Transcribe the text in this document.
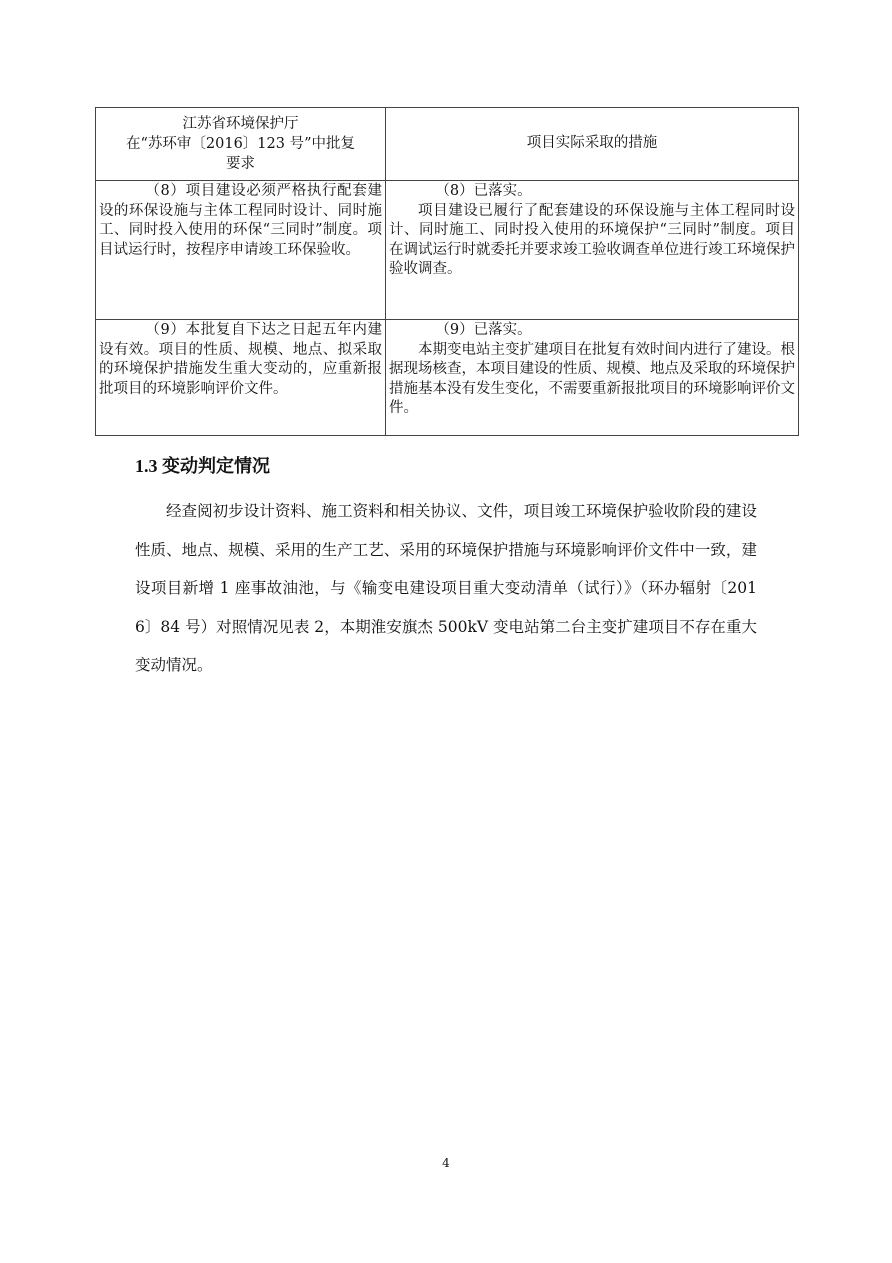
江苏省环境保护厅
在“苏环审〔2016〕123 号”中批复
要求	项目实际采取的措施

（8）项目建设必须严格执行配套建设的环保设施与主体工程同时设计、同时施工、同时投入使用的环保“三同时”制度。项目试运行时，按程序申请竣工环保验收。	（8）已落实。

项目建设已履行了配套建设的环保设施与主体工程同时设计、同时施工、同时投入使用的环境保护“三同时”制度。项目在调试运行时就委托并要求竣工验收调查单位进行竣工环境保护验收调查。

（9）本批复自下达之日起五年内建设有效。项目的性质、规模、地点、拟采取的环境保护措施发生重大变动的，应重新报批项目的环境影响评价文件。	（9）已落实。

本期变电站主变扩建项目在批复有效时间内进行了建设。根据现场核查，本项目建设的性质、规模、地点及采取的环境保护措施基本没有发生变化，不需要重新报批项目的环境影响评价文件。

1.3 变动判定情况

经查阅初步设计资料、施工资料和相关协议、文件，项目竣工环境保护验收阶段的建设性质、地点、规模、采用的生产工艺、采用的环境保护措施与环境影响评价文件中一致，建设项目新增 1 座事故油池，与《输变电建设项目重大变动清单（试行）》（环办辐射〔2016〕84 号）对照情况见表 2，本期淮安旗杰 500kV 变电站第二台主变扩建项目不存在重大变动情况。

4
